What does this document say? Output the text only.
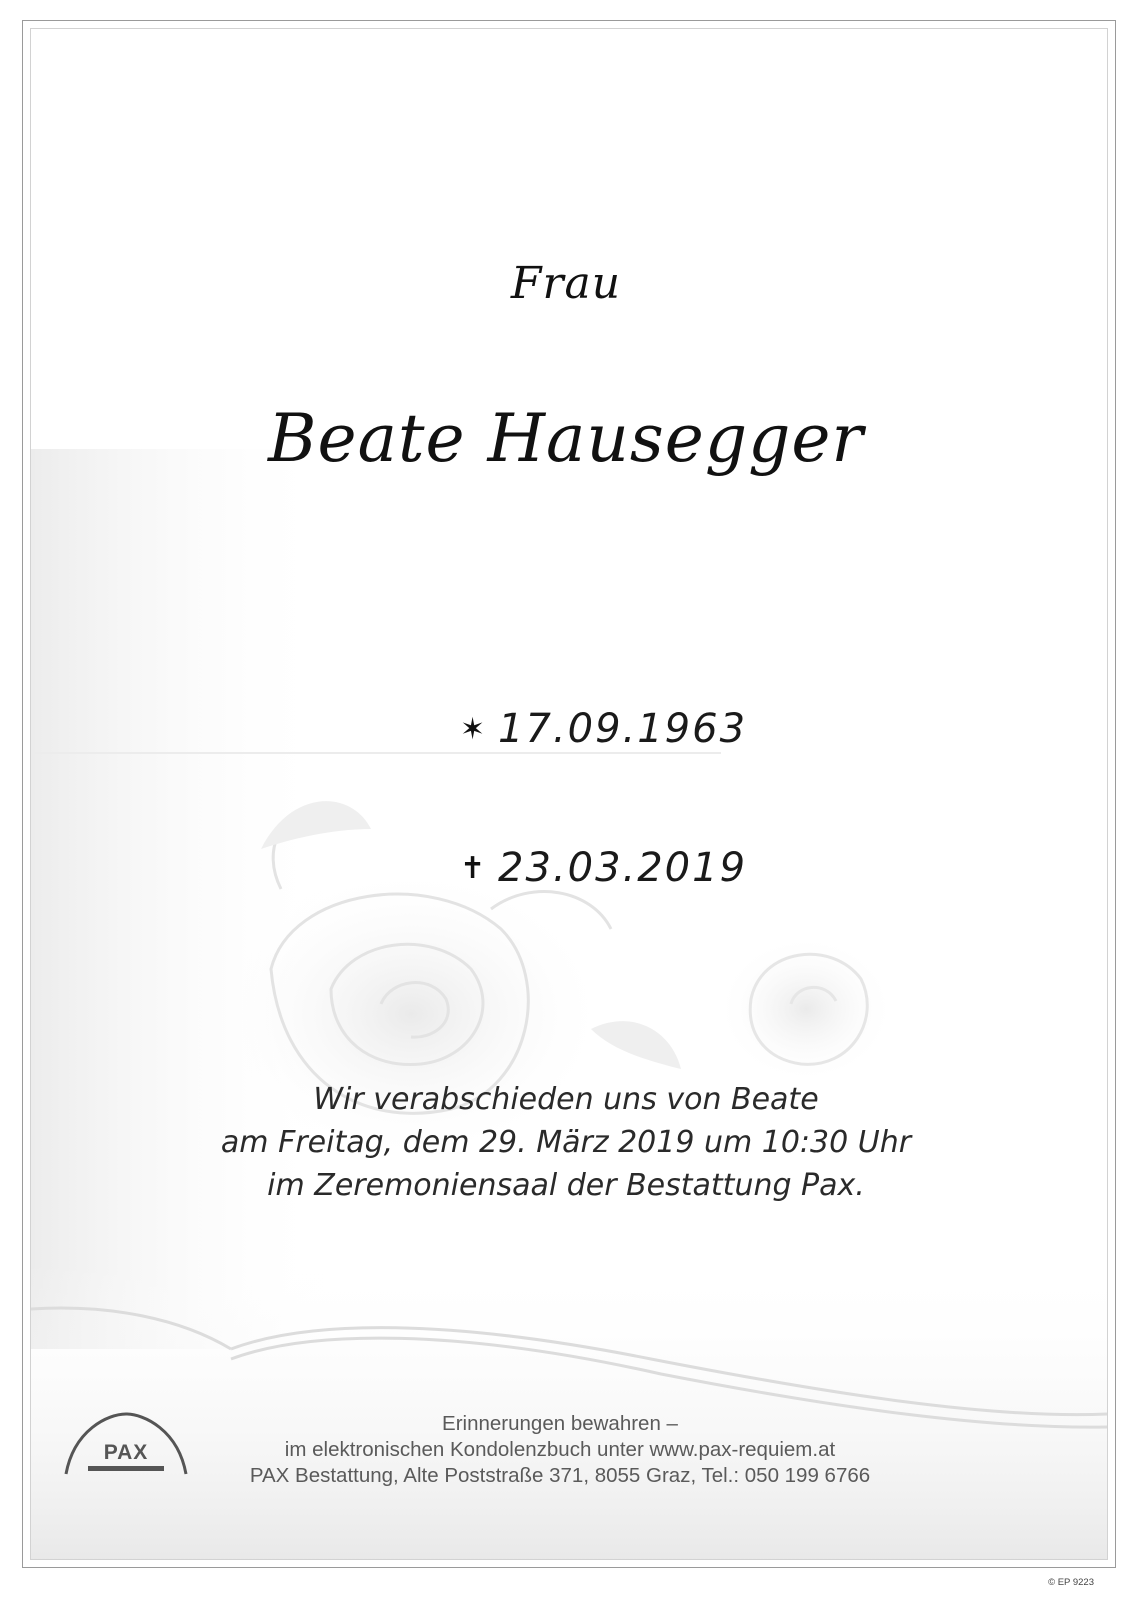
Frau
Beate Hausegger
✶ 17.09.1963
✝ 23.03.2019
Wir verabschieden uns von Beate
am Freitag, dem 29. März 2019 um 10:30 Uhr
im Zeremoniensaal der Bestattung Pax.
PAX
Erinnerungen bewahren –
im elektronischen Kondolenzbuch unter www.pax-requiem.at
PAX Bestattung, Alte Poststraße 371, 8055 Graz, Tel.: 050 199 6766
© EP 9223
